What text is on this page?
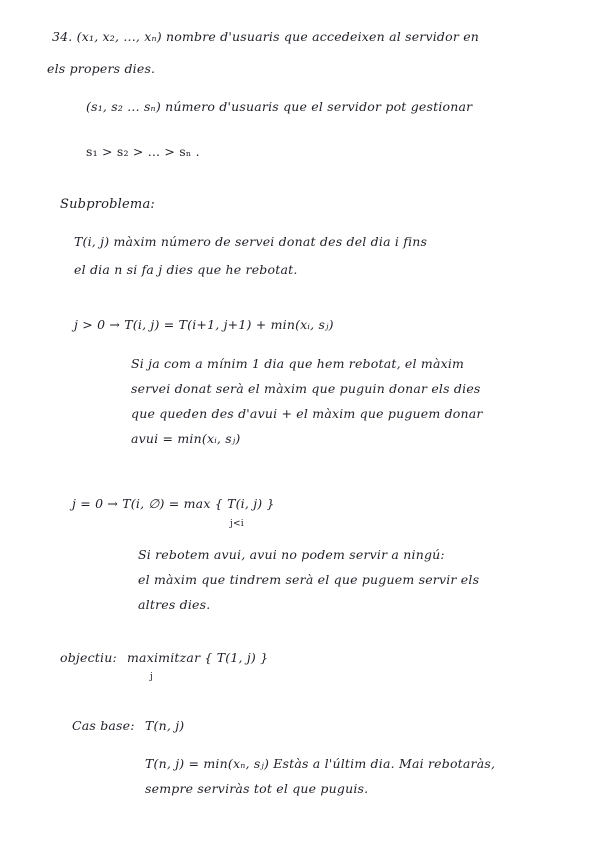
34. (x₁, x₂, ..., xₙ) nombre d'usuaris que accedeixen al servidor en
els propers dies.
(s₁, s₂ ... sₙ) número d'usuaris que el servidor pot gestionar
s₁ > s₂ > ... > sₙ .
Subproblema:
T(i, j) màxim número de servei donat des del dia i fins
el dia n si fa j dies que he rebotat.
j > 0 → T(i, j) = T(i+1, j+1) + min(xᵢ, sⱼ)
Si ja com a mínim 1 dia que hem rebotat, el màxim
servei donat serà el màxim que puguin donar els dies
que queden des d'avui + el màxim que puguem donar
avui = min(xᵢ, sⱼ)
j = 0 → T(i, ∅) = max { T(i, j) }
j<i
Si rebotem avui, avui no podem servir a ningú:
el màxim que tindrem serà el que puguem servir els
altres dies.
objectiu: maximitzar { T(1, j) }
j
Cas base: T(n, j)
T(n, j) = min(xₙ, sⱼ) Estàs a l'últim dia. Mai rebotaràs,
sempre serviràs tot el que puguis.
